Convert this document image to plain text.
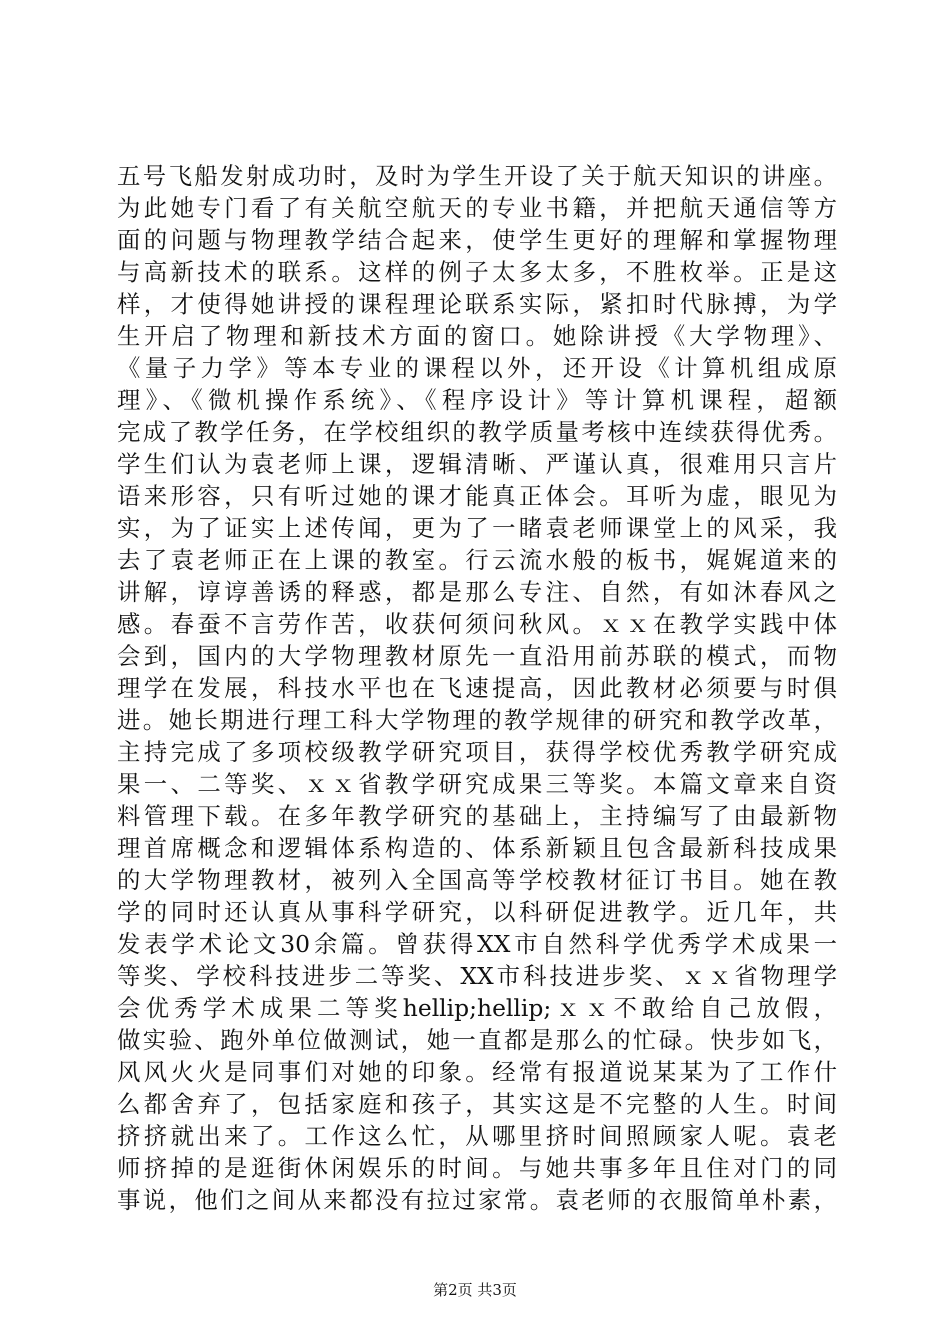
五号飞船发射成功时，及时为学生开设了关于航天知识的讲座。
为此她专门看了有关航空航天的专业书籍，并把航天通信等方
面的问题与物理教学结合起来，使学生更好的理解和掌握物理
与高新技术的联系。这样的例子太多太多，不胜枚举。正是这
样，才使得她讲授的课程理论联系实际，紧扣时代脉搏，为学
生开启了物理和新技术方面的窗口。她除讲授《大学物理》、
《量子力学》等本专业的课程以外，还开设《计算机组成原
理》、《微机操作系统》、《程序设计》等计算机课程，超额
完成了教学任务，在学校组织的教学质量考核中连续获得优秀。
学生们认为袁老师上课，逻辑清晰、严谨认真，很难用只言片
语来形容，只有听过她的课才能真正体会。耳听为虚，眼见为
实，为了证实上述传闻，更为了一睹袁老师课堂上的风采，我
去了袁老师正在上课的教室。行云流水般的板书，娓娓道来的
讲解，谆谆善诱的释惑，都是那么专注、自然，有如沐春风之
感。春蚕不言劳作苦，收获何须问秋风。ｘｘ在教学实践中体
会到，国内的大学物理教材原先一直沿用前苏联的模式，而物
理学在发展，科技水平也在飞速提高，因此教材必须要与时俱
进。她长期进行理工科大学物理的教学规律的研究和教学改革，
主持完成了多项校级教学研究项目，获得学校优秀教学研究成
果一、二等奖、ｘｘ省教学研究成果三等奖。本篇文章来自资
料管理下载。在多年教学研究的基础上，主持编写了由最新物
理首席概念和逻辑体系构造的、体系新颖且包含最新科技成果
的大学物理教材，被列入全国高等学校教材征订书目。她在教
学的同时还认真从事科学研究，以科研促进教学。近几年，共
发表学术论文30余篇。曾获得XX市自然科学优秀学术成果一
等奖、学校科技进步二等奖、XX市科技进步奖、ｘｘ省物理学
会优秀学术成果二等奖hellip;hellip;ｘｘ不敢给自己放假，
做实验、跑外单位做测试，她一直都是那么的忙碌。快步如飞，
风风火火是同事们对她的印象。经常有报道说某某为了工作什
么都舍弃了，包括家庭和孩子，其实这是不完整的人生。时间
挤挤就出来了。工作这么忙，从哪里挤时间照顾家人呢。袁老
师挤掉的是逛街休闲娱乐的时间。与她共事多年且住对门的同
事说，他们之间从来都没有拉过家常。袁老师的衣服简单朴素，
第2页 共3页
